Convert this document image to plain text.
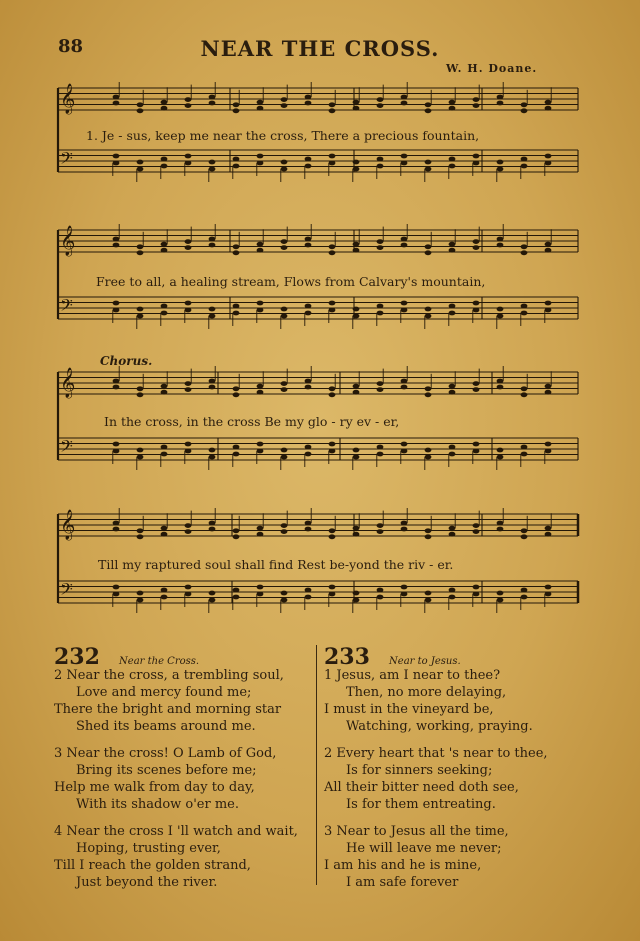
88	NEAR THE CROSS.
W. H. Doane.
𝄞
𝄢
𝄞
𝄢
𝄞
𝄢
𝄞
𝄢
1. Je - sus, keep me near the cross, There a precious fountain,
Free to all, a healing stream, Flows from Calvary's mountain,
Chorus.
In the cross, in the cross Be my glo - ry ev - er,
Till my raptured soul shall find Rest be-yond the riv - er.
232 Near the Cross.
2 Near the cross, a trembling soul,
Love and mercy found me;
There the bright and morning star
Shed its beams around me.
3 Near the cross! O Lamb of God,
Bring its scenes before me;
Help me walk from day to day,
With its shadow o'er me.
4 Near the cross I 'll watch and wait,
Hoping, trusting ever,
Till I reach the golden strand,
Just beyond the river.
233 Near to Jesus.
1 Jesus, am I near to thee?
Then, no more delaying,
I must in the vineyard be,
Watching, working, praying.
2 Every heart that 's near to thee,
Is for sinners seeking;
All their bitter need doth see,
Is for them entreating.
3 Near to Jesus all the time,
He will leave me never;
I am his and he is mine,
I am safe forever
